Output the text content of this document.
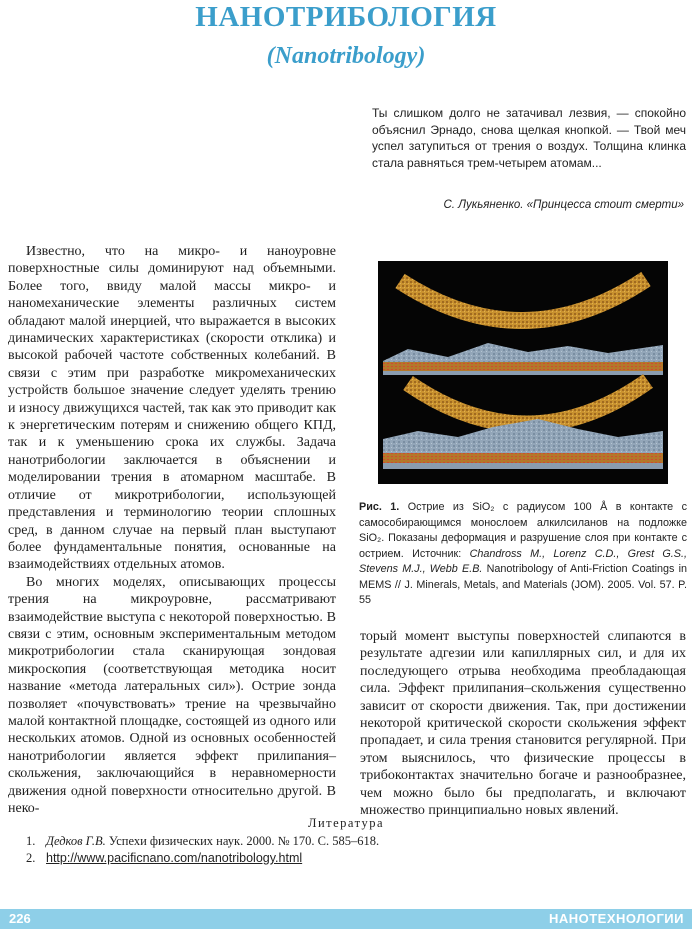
НАНОТРИБОЛОГИЯ
(Nanotribology)
Ты слишком долго не затачивал лезвия, — спокойно объяснил Эрнадо, снова щелкая кнопкой. — Твой меч успел затупиться от трения о воздух. Толщина клинка стала равняться трем-четырем атомам...
С. Лукьяненко. «Принцесса стоит смерти»

Известно, что на микро- и наноуровне поверхностные силы доминируют над объемными. Более того, ввиду малой массы микро- и наномеханические элементы различных систем обладают малой инерцией, что выражается в высоких динамических характеристиках (скорости отклика) и высокой рабочей частоте собственных колебаний. В связи с этим при разработке микромеханических устройств большое значение следует уделять трению и износу движущихся частей, так как это приводит как к энергетическим потерям и снижению общего КПД, так и к уменьшению срока их службы. Задача нанотрибологии заключается в объяснении и моделировании трения в атомарном масштабе. В отличие от микротрибологии, использующей представления и терминологию теории сплошных сред, в данном случае на первый план выступают более фундаментальные понятия, основанные на взаимодействиях отдельных атомов.

Во многих моделях, описывающих процессы трения на микроуровне, рассматривают взаимодействие выступа с некоторой поверхностью. В связи с этим, основным экспериментальным методом микротрибологии стала сканирующая зондовая микроскопия (соответствующая методика носит название «метода латеральных сил»). Острие зонда позволяет «почувствовать» трение на чрезвычайно малой контактной площадке, состоящей из одного или нескольких атомов. Одной из основных особенностей нанотрибологии является эффект прилипания–скольжения, заключающийся в неравномерности движения одной поверхности относительно другой. В неко-

Рис. 1. Острие из SiO₂ с радиусом 100 Å в контакте с самособирающимся монослоем алкилсиланов на подложке SiO₂. Показаны деформация и разрушение слоя при контакте с острием. Источник: Chandross M., Lorenz C.D., Grest G.S., Stevens M.J., Webb E.B. Nanotribology of Anti-Friction Coatings in MEMS // J. Minerals, Metals, and Materials (JOM). 2005. Vol. 57. P. 55

торый момент выступы поверхностей слипаются в результате адгезии или капиллярных сил, и для их последующего отрыва необходима преобладающая сила. Эффект прилипания–скольжения существенно зависит от скорости движения. Так, при достижении некоторой критической скорости скольжения эффект пропадает, и сила трения становится регулярной. При этом выяснилось, что физические процессы в трибоконтактах значительно богаче и разнообразнее, чем можно было бы предполагать, и включают множество принципиально новых явлений.

Литература
1. Дедков Г.В. Успехи физических наук. 2000. № 170. С. 585–618.
2. http://www.pacificnano.com/nanotribology.html
226	НАНОТЕХНОЛОГИИ
